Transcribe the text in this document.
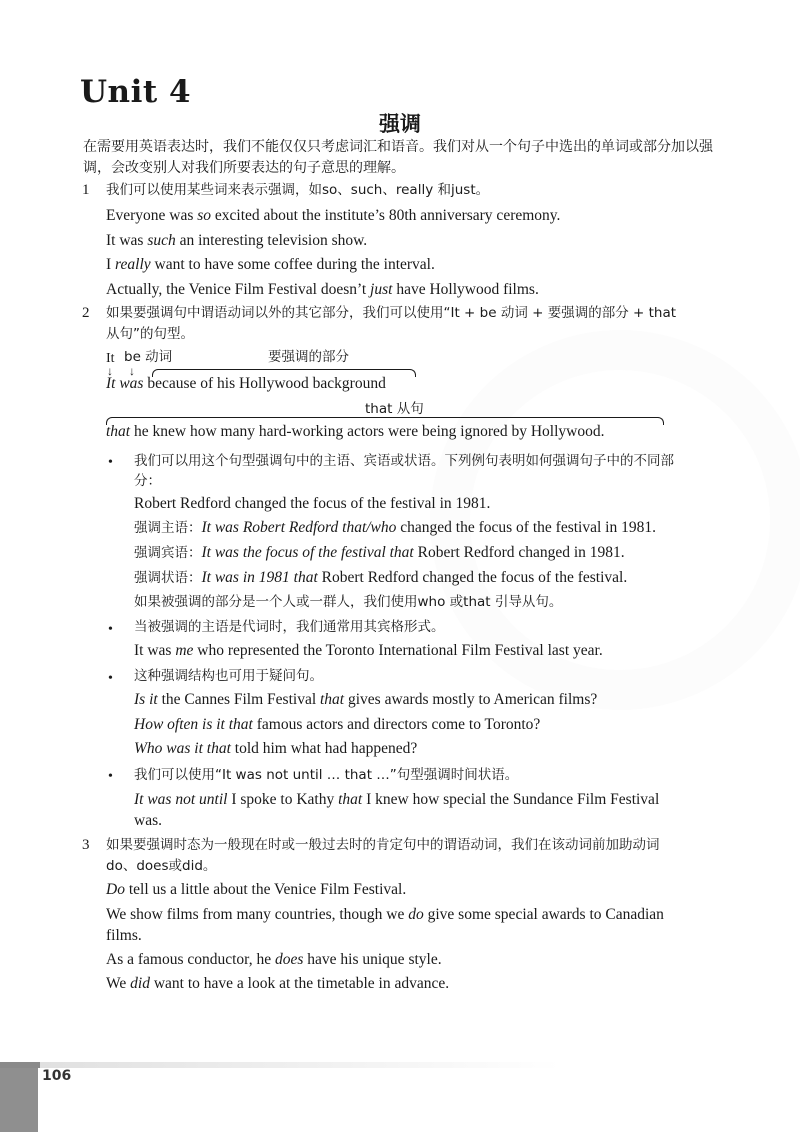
Unit 4
强调
在需要用英语表达时，我们不能仅仅只考虑词汇和语音。我们对从一个句子中选出的单词或部分加以强调，会改变别人对我们所要表达的句子意思的理解。
1 我们可以使用某些词来表示强调，如so、such、really 和just。
Everyone was so excited about the institute’s 80th anniversary ceremony.
It was such an interesting television show.
I really want to have some coffee during the interval.
Actually, the Venice Film Festival doesn’t just have Hollywood films.
2 如果要强调句中谓语动词以外的其它部分，我们可以使用“It + be 动词 + 要强调的部分 + that
从句”的句型。
It be 动词	要强调的部分
↓ ↓
It was because of his Hollywood background
that 从句
that he knew how many hard-working actors were being ignored by Hollywood.
• 我们可以用这个句型强调句中的主语、宾语或状语。下列例句表明如何强调句子中的不同部
分：
Robert Redford changed the focus of the festival in 1981.
强调主语：It was Robert Redford that/who changed the focus of the festival in 1981.
强调宾语：It was the focus of the festival that Robert Redford changed in 1981.
强调状语：It was in 1981 that Robert Redford changed the focus of the festival.
如果被强调的部分是一个人或一群人，我们使用who 或that 引导从句。
• 当被强调的主语是代词时，我们通常用其宾格形式。
It was me who represented the Toronto International Film Festival last year.
• 这种强调结构也可用于疑问句。
Is it the Cannes Film Festival that gives awards mostly to American films?
How often is it that famous actors and directors come to Toronto?
Who was it that told him what had happened?
• 我们可以使用“It was not until … that …”句型强调时间状语。
It was not until I spoke to Kathy that I knew how special the Sundance Film Festival
was.
3 如果要强调时态为一般现在时或一般过去时的肯定句中的谓语动词，我们在该动词前加助动词
do、does或did。
Do tell us a little about the Venice Film Festival.
We show films from many countries, though we do give some special awards to Canadian
films.
As a famous conductor, he does have his unique style.
We did want to have a look at the timetable in advance.
106
